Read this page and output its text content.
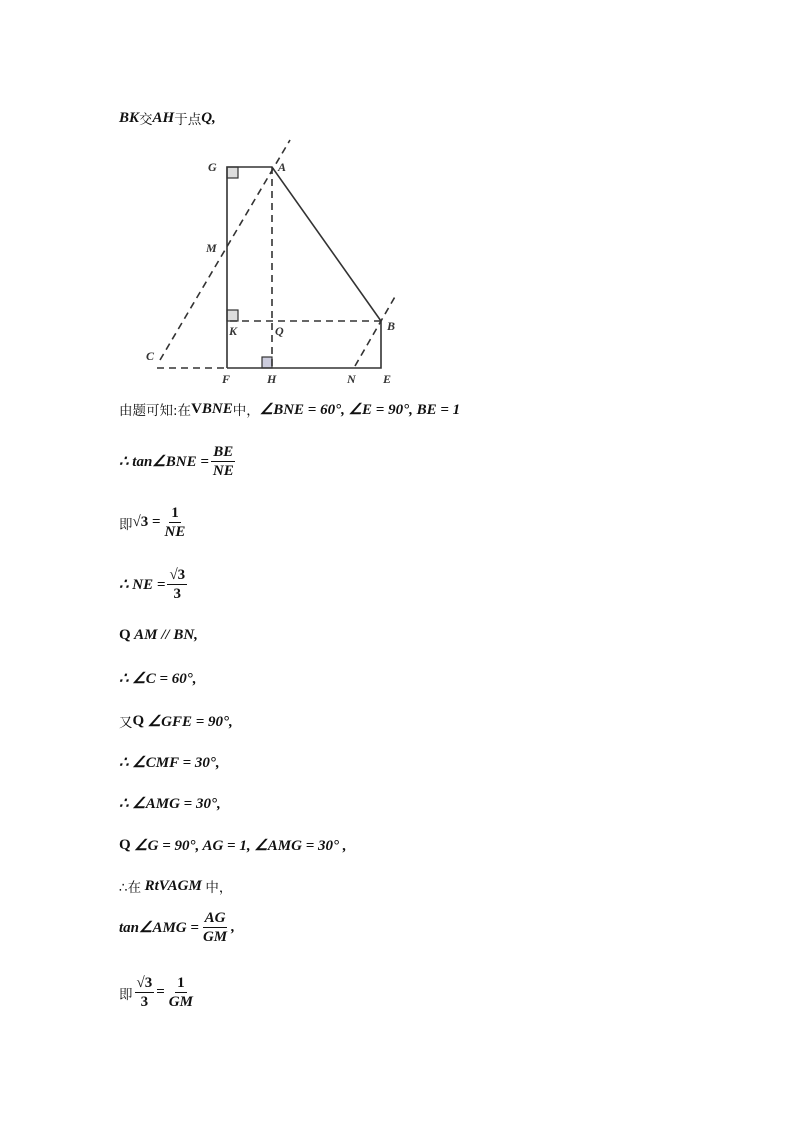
BK 交 AH 于点 Q,
G	A
M
K	Q	B
C
F	H	N E
由题可知:在 V BNE 中， ∠BNE = 60°, ∠E = 90°, BE = 1
∴ tan∠BNE = $\frac{BE}{NE}$
即 $√3 = \frac{1}{NE}$
∴ NE = $\frac{√3}{3}$
Q
AM // BN,
∴ ∠C = 60°,
又 Q
∠GFE = 90°,
∴ ∠CMF = 30°,
∴ ∠AMG = 30°,
Q
∠G = 90°, AG = 1, ∠AMG = 30° ,
∴在
RtVAGM
中，
tan∠AMG = $\frac{AG}{GM}$ ,
即 $\frac{√3}{3} = \frac{1}{GM}$
